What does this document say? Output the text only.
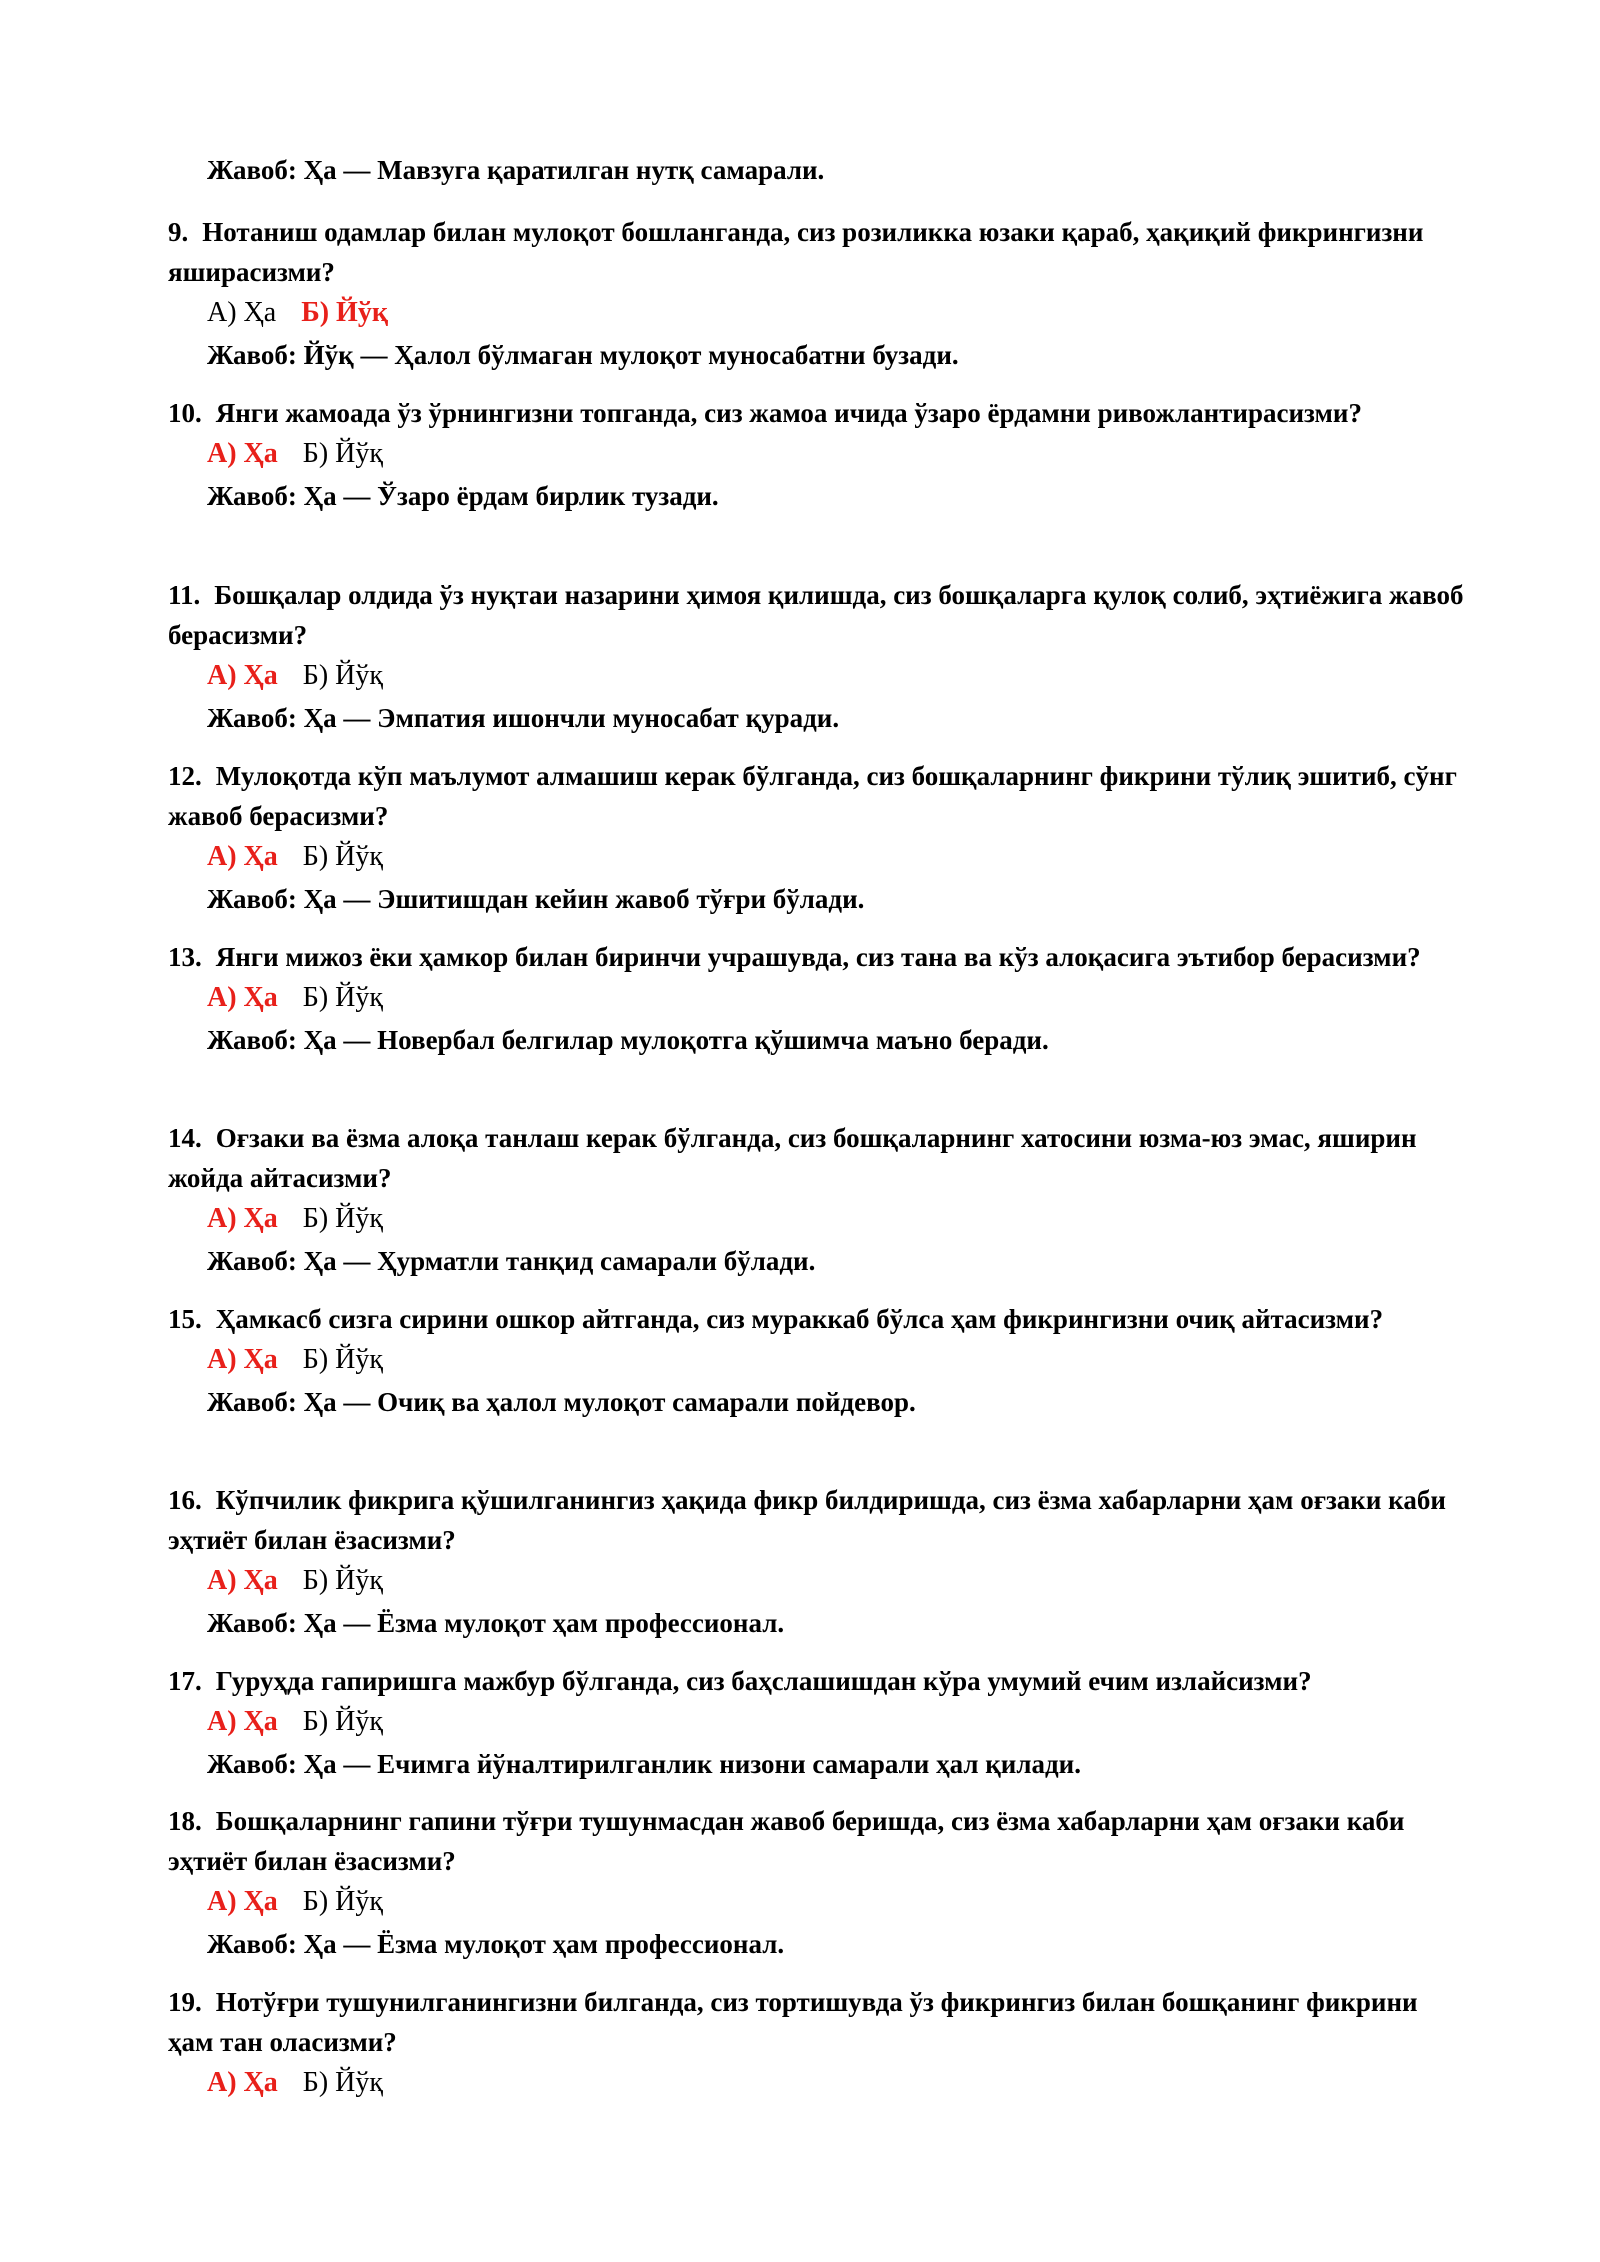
Жавоб: Ҳа — Мавзуга қаратилган нутқ самарали.

9. Нотаниш одамлар билан мулоқот бошланганда, сиз розиликка юзаки қараб, ҳақиқий фикрингизни яширасизми?

А) Ҳа Б) Йўқ
Жавоб: Йўқ — Ҳалол бўлмаган мулоқот муносабатни бузади.

10. Янги жамоада ўз ўрнингизни топганда, сиз жамоа ичида ўзаро ёрдамни ривожлантирасизми?

А) Ҳа Б) Йўқ
Жавоб: Ҳа — Ўзаро ёрдам бирлик тузади.

11. Бошқалар олдида ўз нуқтаи назарини ҳимоя қилишда, сиз бошқаларга қулоқ солиб, эҳтиёжига жавоб берасизми?

А) Ҳа Б) Йўқ
Жавоб: Ҳа — Эмпатия ишончли муносабат қуради.

12. Мулоқотда кўп маълумот алмашиш керак бўлганда, сиз бошқаларнинг фикрини тўлиқ эшитиб, сўнг жавоб берасизми?

А) Ҳа Б) Йўқ
Жавоб: Ҳа — Эшитишдан кейин жавоб тўғри бўлади.

13. Янги мижоз ёки ҳамкор билан биринчи учрашувда, сиз тана ва кўз алоқасига эътибор берасизми?

А) Ҳа Б) Йўқ
Жавоб: Ҳа — Новербал белгилар мулоқотга қўшимча маъно беради.

14. Оғзаки ва ёзма алоқа танлаш керак бўлганда, сиз бошқаларнинг хатосини юзма-юз эмас, яширин жойда айтасизми?

А) Ҳа Б) Йўқ
Жавоб: Ҳа — Ҳурматли танқид самарали бўлади.

15. Ҳамкасб сизга сирини ошкор айтганда, сиз мураккаб бўлса ҳам фикрингизни очиқ айтасизми?

А) Ҳа Б) Йўқ
Жавоб: Ҳа — Очиқ ва ҳалол мулоқот самарали пойдевор.

16. Кўпчилик фикрига қўшилганингиз ҳақида фикр билдиришда, сиз ёзма хабарларни ҳам оғзаки каби эҳтиёт билан ёзасизми?

А) Ҳа Б) Йўқ
Жавоб: Ҳа — Ёзма мулоқот ҳам профессионал.

17. Гуруҳда гапиришга мажбур бўлганда, сиз баҳслашишдан кўра умумий ечим излайсизми?

А) Ҳа Б) Йўқ
Жавоб: Ҳа — Ечимга йўналтирилганлик низони самарали ҳал қилади.

18. Бошқаларнинг гапини тўғри тушунмасдан жавоб беришда, сиз ёзма хабарларни ҳам оғзаки каби эҳтиёт билан ёзасизми?

А) Ҳа Б) Йўқ
Жавоб: Ҳа — Ёзма мулоқот ҳам профессионал.

19. Нотўғри тушунилганингизни билганда, сиз тортишувда ўз фикрингиз билан бошқанинг фикрини ҳам тан оласизми?

А) Ҳа Б) Йўқ
